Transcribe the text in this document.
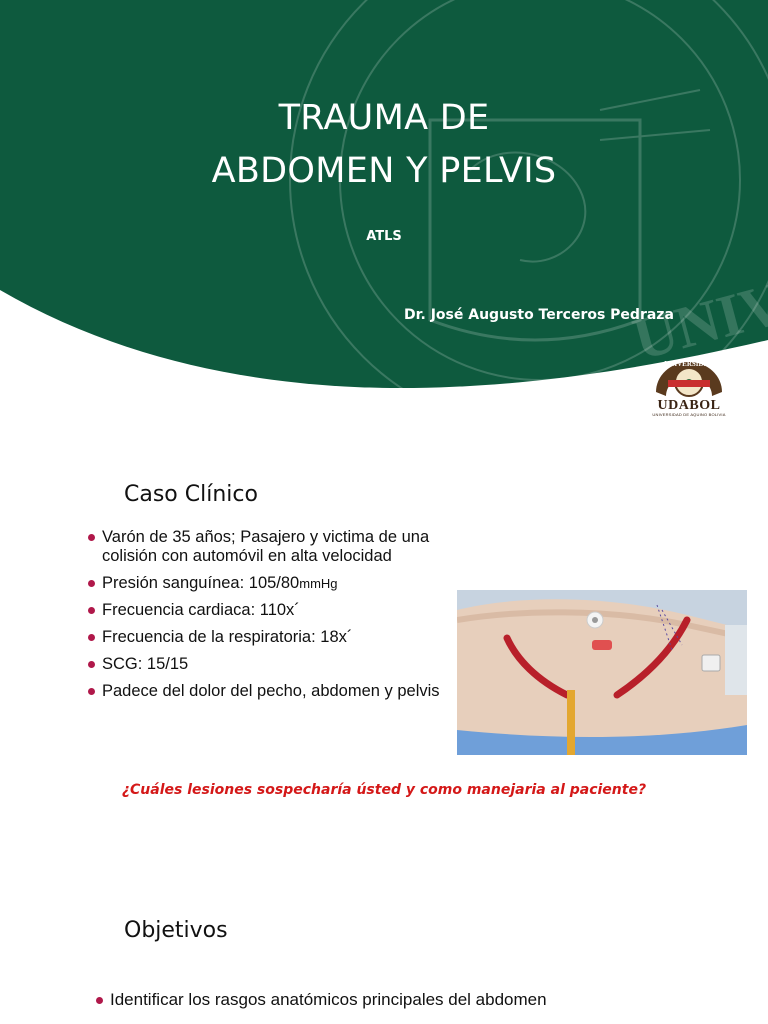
TRAUMA DE
ABDOMEN Y PELVIS
ATLS
Dr. José Augusto Terceros Pedraza
UNIVERSIDAD
UDABOL
UNIVERSIDAD DE AQUINO BOLIVIA
Caso Clínico
Varón de 35 años; Pasajero y victima de una colisión con automóvil en alta velocidad
Presión sanguínea: 105/80mmHg
Frecuencia cardiaca: 110x´
Frecuencia de la respiratoria: 18x´
SCG: 15/15
Padece del dolor del pecho, abdomen y pelvis
¿Cuáles lesiones sospecharía ústed y como manejaria al paciente?
Objetivos
Identificar los rasgos anatómicos principales del abdomen
